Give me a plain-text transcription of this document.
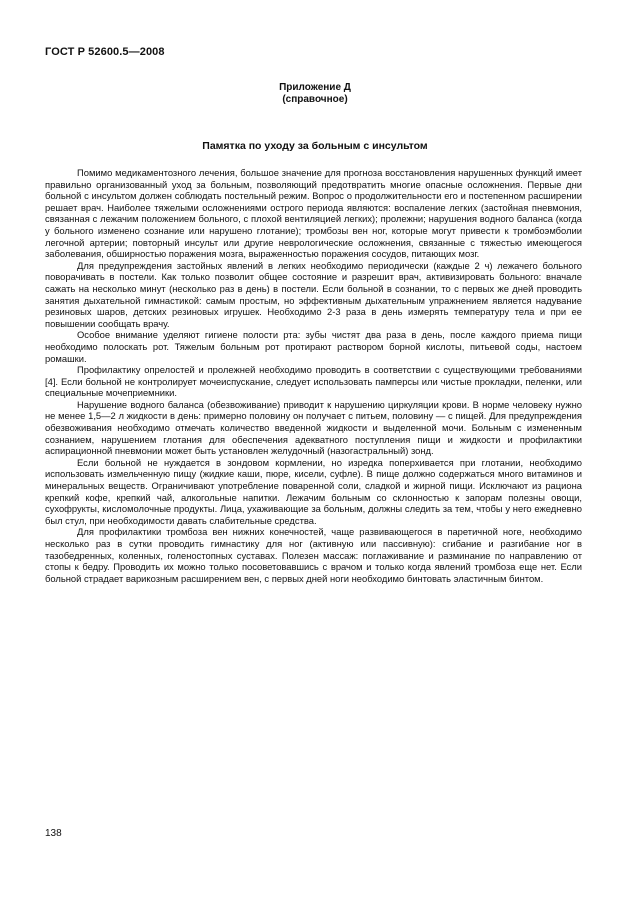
ГОСТ Р 52600.5—2008
Приложение Д
(справочное)
Памятка по уходу за больным с инсультом

Помимо медикаментозного лечения, большое значение для прогноза восстановления нарушенных функций имеет правильно организованный уход за больным, позволяющий предотвратить многие опасные осложнения. Первые дни больной с инсультом должен соблюдать постельный режим. Вопрос о продолжительности его и постепенном расширении решает врач. Наиболее тяжелыми осложнениями острого периода являются: воспаление легких (застойная пневмония, связанная с лежачим положением больного, с плохой вентиляцией легких); пролежни; нарушения водного баланса (когда у больного изменено сознание или нарушено глотание); тромбозы вен ног, которые могут привести к тромбоэмболии легочной артерии; повторный инсульт или другие неврологические осложнения, связанные с тяжестью имеющегося заболевания, обширностью поражения мозга, выраженностью поражения сосудов, питающих мозг.

Для предупреждения застойных явлений в легких необходимо периодически (каждые 2 ч) лежачего больного поворачивать в постели. Как только позволит общее состояние и разрешит врач, активизировать больного: вначале сажать на несколько минут (несколько раз в день) в постели. Если больной в сознании, то с первых же дней проводить занятия дыхательной гимнастикой: самым простым, но эффективным дыхательным упражнением является надувание резиновых шаров, детских резиновых игрушек. Необходимо 2-3 раза в день измерять температуру тела и при ее повышении сообщать врачу.

Особое внимание уделяют гигиене полости рта: зубы чистят два раза в день, после каждого приема пищи необходимо полоскать рот. Тяжелым больным рот протирают раствором борной кислоты, питьевой соды, настоем ромашки.

Профилактику опрелостей и пролежней необходимо проводить в соответствии с существующими требованиями [4]. Если больной не контролирует мочеиспускание, следует использовать памперсы или чистые прокладки, пеленки, или специальные мочеприемники.

Нарушение водного баланса (обезвоживание) приводит к нарушению циркуляции крови. В норме человеку нужно не менее 1,5—2 л жидкости в день: примерно половину он получает с питьем, половину — с пищей. Для предупреждения обезвоживания необходимо отмечать количество введенной жидкости и выделенной мочи. Больным с измененным сознанием, нарушением глотания для обеспечения адекватного поступления пищи и жидкости и профилактики аспирационной пневмонии может быть установлен желудочный (назогастральный) зонд.

Если больной не нуждается в зондовом кормлении, но изредка поперхивается при глотании, необходимо использовать измельченную пищу (жидкие каши, пюре, кисели, суфле). В пище должно содержаться много витаминов и минеральных веществ. Ограничивают употребление поваренной соли, сладкой и жирной пищи. Исключают из рациона крепкий кофе, крепкий чай, алкогольные напитки. Лежачим больным со склонностью к запорам полезны овощи, сухофрукты, кисломолочные продукты. Лица, ухаживающие за больным, должны следить за тем, чтобы у него ежедневно был стул, при необходимости давать слабительные средства.

Для профилактики тромбоза вен нижних конечностей, чаще развивающегося в паретичной ноге, необходимо несколько раз в сутки проводить гимнастику для ног (активную или пассивную): сгибание и разгибание ног в тазобедренных, коленных, голеностопных суставах. Полезен массаж: поглаживание и разминание по направлению от стопы к бедру. Проводить их можно только посоветовавшись с врачом и только когда явлений тромбоза еще нет. Если больной страдает варикозным расширением вен, с первых дней ноги необходимо бинтовать эластичным бинтом.

138
